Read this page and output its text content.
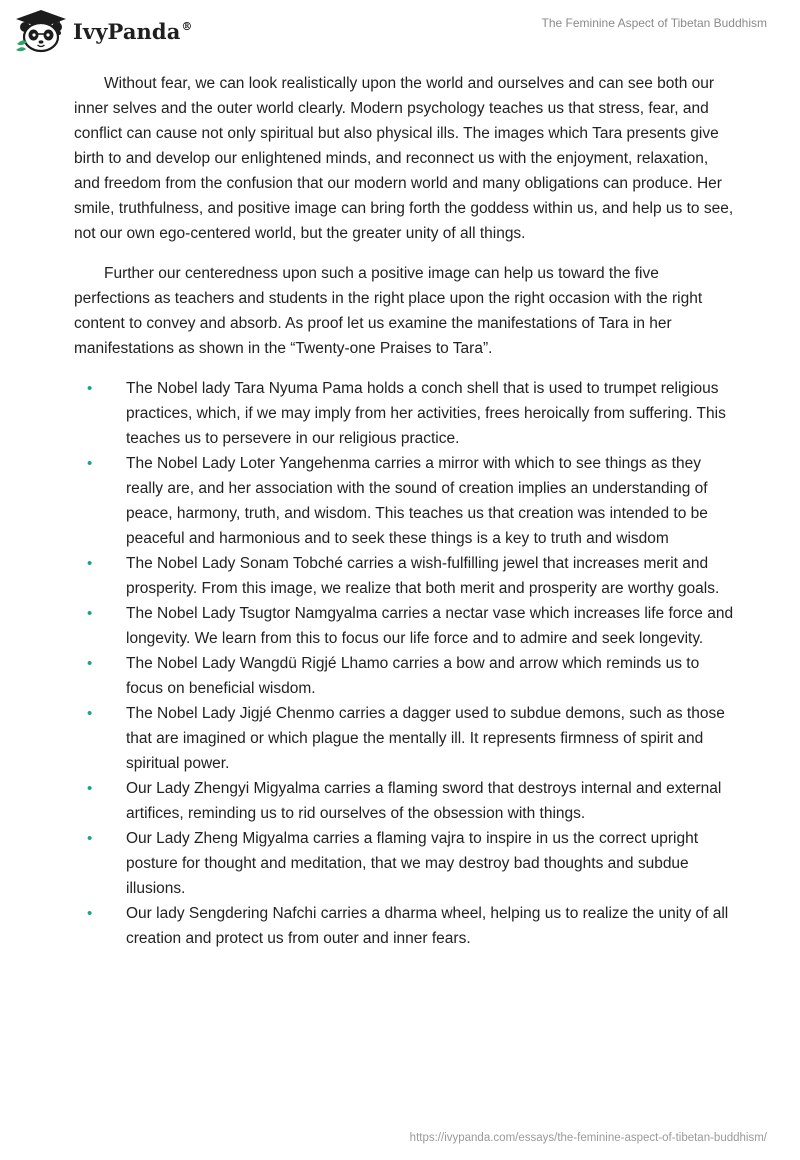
IvyPanda®	The Feminine Aspect of Tibetan Buddhism

Without fear, we can look realistically upon the world and ourselves and can see both our inner selves and the outer world clearly. Modern psychology teaches us that stress, fear, and conflict can cause not only spiritual but also physical ills. The images which Tara presents give birth to and develop our enlightened minds, and reconnect us with the enjoyment, relaxation, and freedom from the confusion that our modern world and many obligations can produce. Her smile, truthfulness, and positive image can bring forth the goddess within us, and help us to see, not our own ego-centered world, but the greater unity of all things.

Further our centeredness upon such a positive image can help us toward the five perfections as teachers and students in the right place upon the right occasion with the right content to convey and absorb. As proof let us examine the manifestations of Tara in her manifestations as shown in the “Twenty-one Praises to Tara”.

• The Nobel lady Tara Nyuma Pama holds a conch shell that is used to trumpet religious practices, which, if we may imply from her activities, frees heroically from suffering. This teaches us to persevere in our religious practice.
• The Nobel Lady Loter Yangehenma carries a mirror with which to see things as they really are, and her association with the sound of creation implies an understanding of peace, harmony, truth, and wisdom. This teaches us that creation was intended to be peaceful and harmonious and to seek these things is a key to truth and wisdom
• The Nobel Lady Sonam Tobché carries a wish-fulfilling jewel that increases merit and prosperity. From this image, we realize that both merit and prosperity are worthy goals.
• The Nobel Lady Tsugtor Namgyalma carries a nectar vase which increases life force and longevity. We learn from this to focus our life force and to admire and seek longevity.
• The Nobel Lady Wangdü Rigjé Lhamo carries a bow and arrow which reminds us to focus on beneficial wisdom.
• The Nobel Lady Jigjé Chenmo carries a dagger used to subdue demons, such as those that are imagined or which plague the mentally ill. It represents firmness of spirit and spiritual power.
• Our Lady Zhengyi Migyalma carries a flaming sword that destroys internal and external artifices, reminding us to rid ourselves of the obsession with things.
• Our Lady Zheng Migyalma carries a flaming vajra to inspire in us the correct upright posture for thought and meditation, that we may destroy bad thoughts and subdue illusions.
• Our lady Sengdering Nafchi carries a dharma wheel, helping us to realize the unity of all creation and protect us from outer and inner fears.
https://ivypanda.com/essays/the-feminine-aspect-of-tibetan-buddhism/
